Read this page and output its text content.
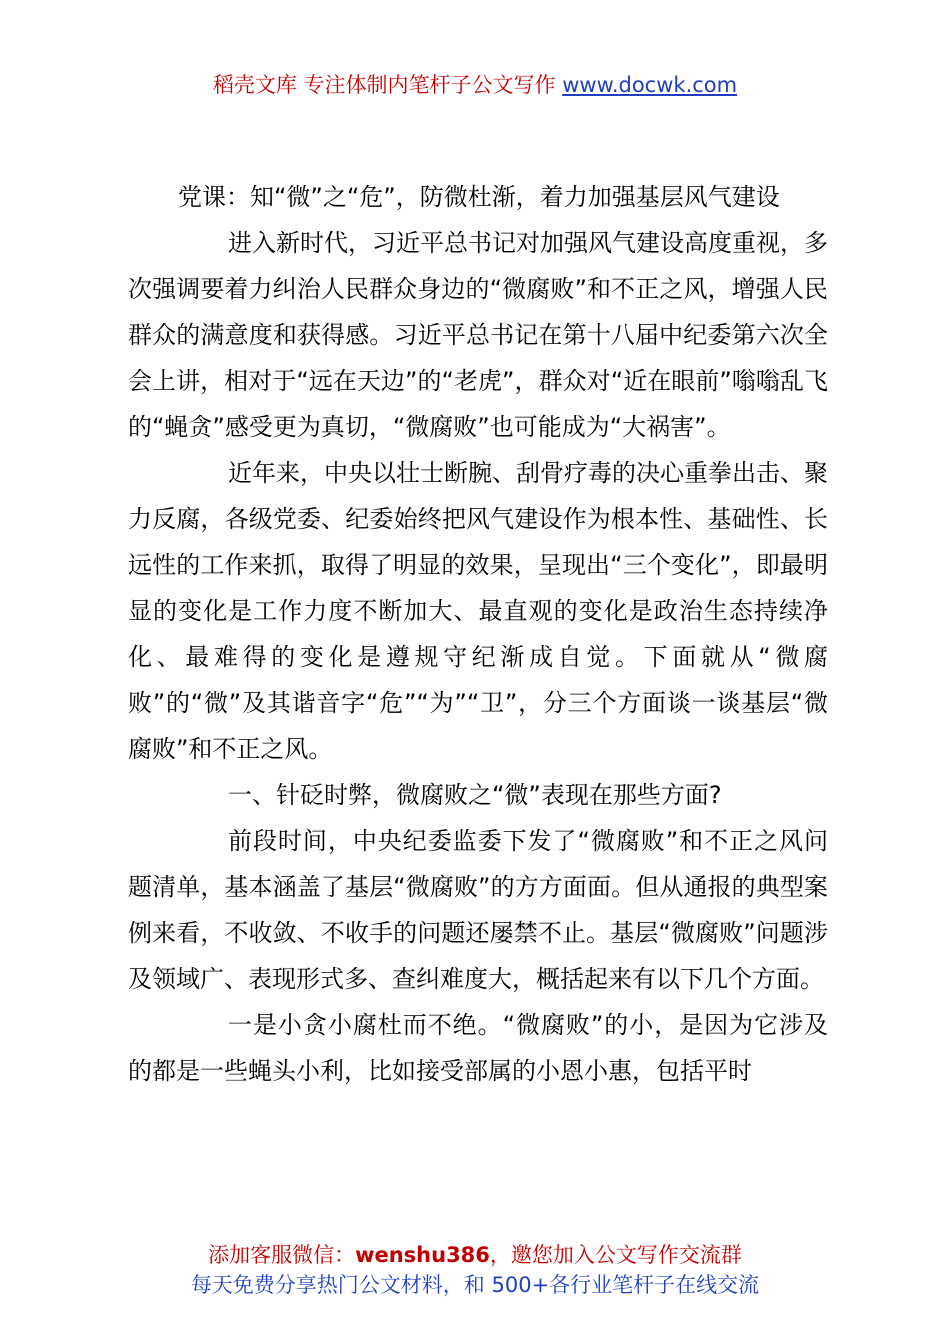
稻壳文库 专注体制内笔杆子公文写作 www.docwk.com

党课：知“微”之“危”，防微杜渐，着力加强基层风气建设

进入新时代，习近平总书记对加强风气建设高度重视，多次强调要着力纠治人民群众身边的“微腐败”和不正之风，增强人民群众的满意度和获得感。习近平总书记在第十八届中纪委第六次全会上讲，相对于“远在天边”的“老虎”，群众对“近在眼前”嗡嗡乱飞的“蝇贪”感受更为真切，“微腐败”也可能成为“大祸害”。

近年来，中央以壮士断腕、刮骨疗毒的决心重拳出击、聚力反腐，各级党委、纪委始终把风气建设作为根本性、基础性、长远性的工作来抓，取得了明显的效果，呈现出“三个变化”，即最明显的变化是工作力度不断加大、最直观的变化是政治生态持续净化、最难得的变化是遵规守纪渐成自觉。下面就从“微腐败”的“微”及其谐音字“危”“为”“卫”，分三个方面谈一谈基层“微腐败”和不正之风。

一、针砭时弊，微腐败之“微”表现在那些方面?

前段时间，中央纪委监委下发了“微腐败”和不正之风问题清单，基本涵盖了基层“微腐败”的方方面面。但从通报的典型案例来看，不收敛、不收手的问题还屡禁不止。基层“微腐败”问题涉及领域广、表现形式多、查纠难度大，概括起来有以下几个方面。

一是小贪小腐杜而不绝。“微腐败”的小，是因为它涉及的都是一些蝇头小利，比如接受部属的小恩小惠，包括平时

添加客服微信：wenshu386，邀您加入公文写作交流群
每天免费分享热门公文材料，和 500+各行业笔杆子在线交流
